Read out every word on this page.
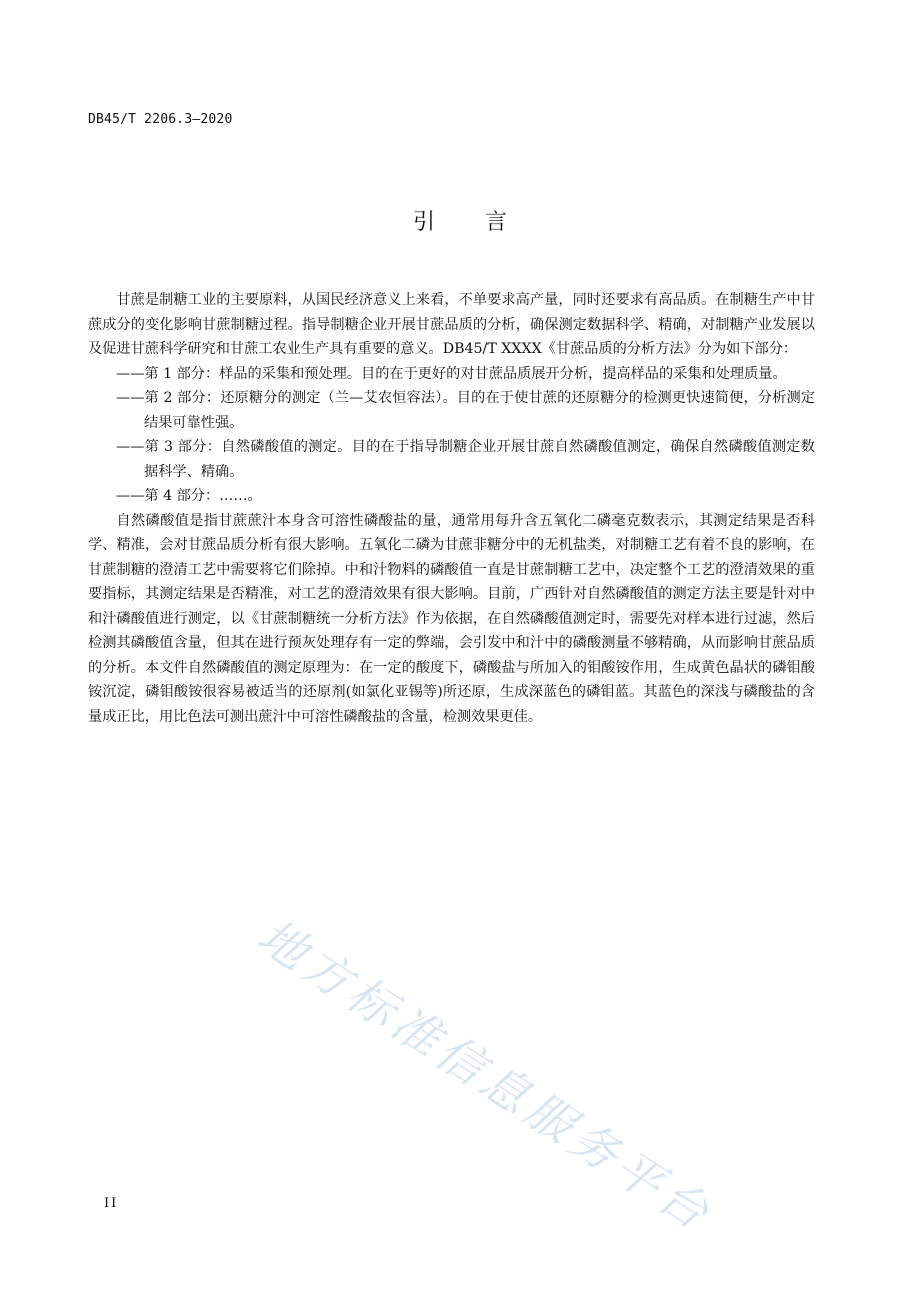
DB45/T 2206.3—2020
引言

甘蔗是制糖工业的主要原料，从国民经济意义上来看，不单要求高产量，同时还要求有高品质。在制糖生产中甘蔗成分的变化影响甘蔗制糖过程。指导制糖企业开展甘蔗品质的分析，确保测定数据科学、精确，对制糖产业发展以及促进甘蔗科学研究和甘蔗工农业生产具有重要的意义。DB45/T XXXX《甘蔗品质的分析方法》分为如下部分：

——第 1 部分：样品的采集和预处理。目的在于更好的对甘蔗品质展开分析，提高样品的采集和处理质量。

——第 2 部分：还原糖分的测定（兰—艾农恒容法）。目的在于使甘蔗的还原糖分的检测更快速简便，分析测定结果可靠性强。

——第 3 部分：自然磷酸值的测定。目的在于指导制糖企业开展甘蔗自然磷酸值测定，确保自然磷酸值测定数据科学、精确。

——第 4 部分：……。

自然磷酸值是指甘蔗蔗汁本身含可溶性磷酸盐的量，通常用每升含五氧化二磷毫克数表示，其测定结果是否科学、精准，会对甘蔗品质分析有很大影响。五氧化二磷为甘蔗非糖分中的无机盐类，对制糖工艺有着不良的影响，在甘蔗制糖的澄清工艺中需要将它们除掉。中和汁物料的磷酸值一直是甘蔗制糖工艺中，决定整个工艺的澄清效果的重要指标，其测定结果是否精准，对工艺的澄清效果有很大影响。目前，广西针对自然磷酸值的测定方法主要是针对中和汁磷酸值进行测定，以《甘蔗制糖统一分析方法》作为依据，在自然磷酸值测定时，需要先对样本进行过滤，然后检测其磷酸值含量，但其在进行预灰处理存有一定的弊端，会引发中和汁中的磷酸测量不够精确，从而影响甘蔗品质的分析。本文件自然磷酸值的测定原理为：在一定的酸度下，磷酸盐与所加入的钼酸铵作用，生成黄色晶状的磷钼酸铵沉淀，磷钼酸铵很容易被适当的还原剂(如氯化亚锡等)所还原，生成深蓝色的磷钼蓝。其蓝色的深浅与磷酸盐的含量成正比，用比色法可测出蔗汁中可溶性磷酸盐的含量，检测效果更佳。

地方标准信息服务平台
II
